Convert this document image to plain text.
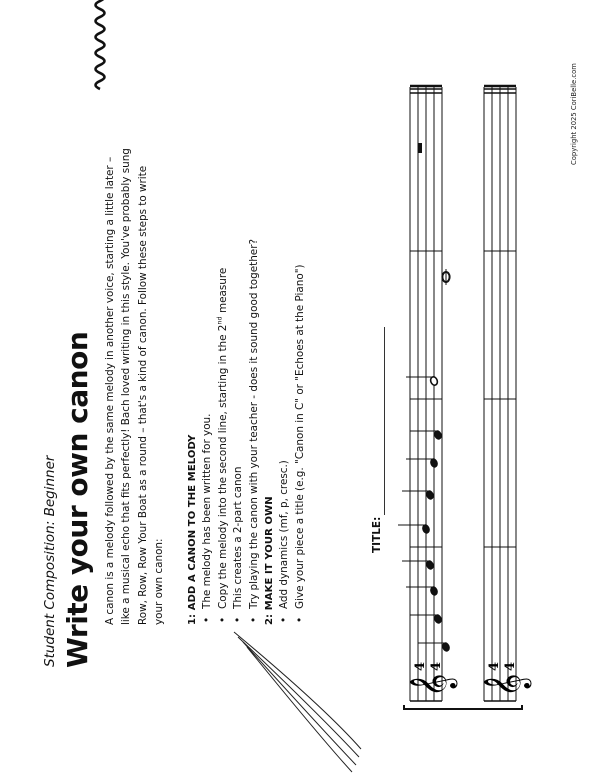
Student Composition: Beginner Write your own canon A canon is a melody followed by the same melody in another voice, starting a little later – like a musical echo that fits perfectly! Bach loved writing in this style. You've probably sung Row, Row, Row Your Boat as a round – that's a kind of canon. Follow these steps to write your own canon: 1: ADD A CANON TO THE MELODY • The melody has been written for you. • Copy the melody into the second line, starting in the 2nd measure
• This creates a 2-part canon • Try playing the canon with your teacher - does it sound good together? 2: MAKE IT YOUR OWN • Add dynamics (mf, p, cresc.) • Give your piece a title (e.g. "Canon in C" or "Echoes at the Piano")	TITLE:
Copyright 2025 CoriBelle.com
𝄞 𝄞
4 4	4 4
